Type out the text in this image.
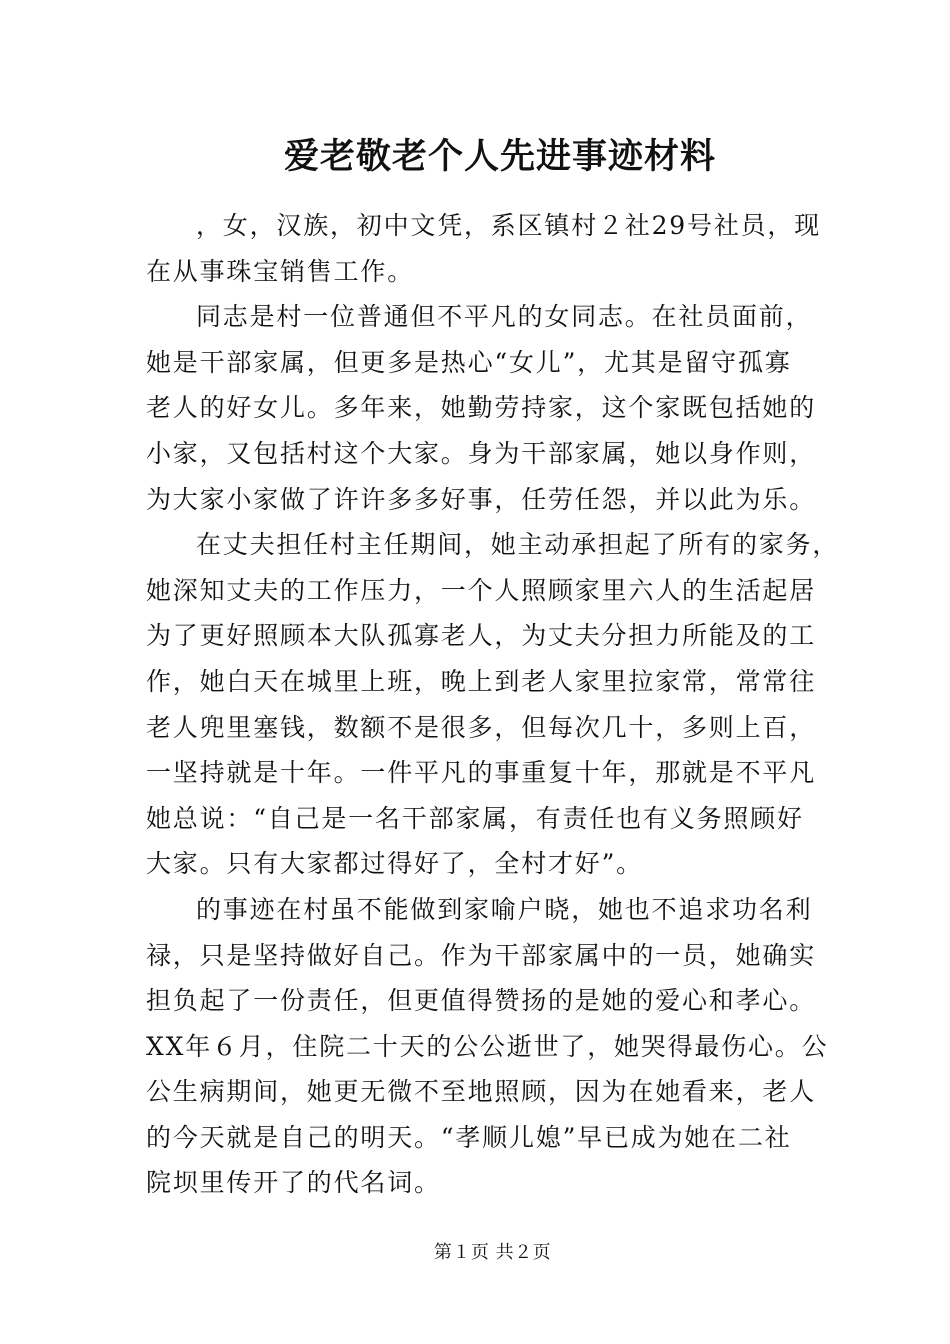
爱老敬老个人先进事迹材料
，女，汉族，初中文凭，系区镇村２社29号社员，现
在从事珠宝销售工作。
同志是村一位普通但不平凡的女同志。在社员面前，
她是干部家属，但更多是热心“女儿”，尤其是留守孤寡
老人的好女儿。多年来，她勤劳持家，这个家既包括她的
小家，又包括村这个大家。身为干部家属，她以身作则，
为大家小家做了许许多多好事，任劳任怨，并以此为乐。
在丈夫担任村主任期间，她主动承担起了所有的家务，
她深知丈夫的工作压力，一个人照顾家里六人的生活起居
为了更好照顾本大队孤寡老人，为丈夫分担力所能及的工
作，她白天在城里上班，晚上到老人家里拉家常，常常往
老人兜里塞钱，数额不是很多，但每次几十，多则上百，
一坚持就是十年。一件平凡的事重复十年，那就是不平凡
她总说：“自己是一名干部家属，有责任也有义务照顾好
大家。只有大家都过得好了，全村才好”。
的事迹在村虽不能做到家喻户晓，她也不追求功名利
禄，只是坚持做好自己。作为干部家属中的一员，她确实
担负起了一份责任，但更值得赞扬的是她的爱心和孝心。
XX年６月，住院二十天的公公逝世了，她哭得最伤心。公
公生病期间，她更无微不至地照顾，因为在她看来，老人
的今天就是自己的明天。“孝顺儿媳”早已成为她在二社
院坝里传开了的代名词。
第１页 共２页
